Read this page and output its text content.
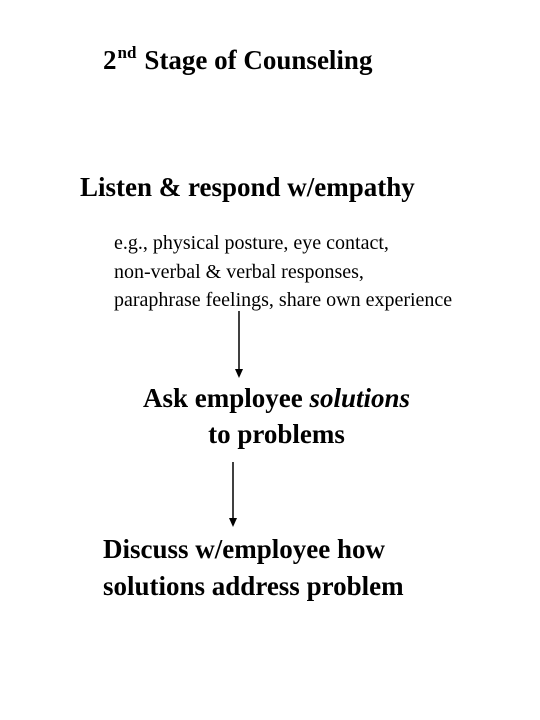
2nd Stage of Counseling
Listen & respond w/empathy
e.g., physical posture, eye contact,
non-verbal & verbal responses,
paraphrase feelings, share own experience
Ask employee solutions
to problems
Discuss w/employee how
solutions address problem
